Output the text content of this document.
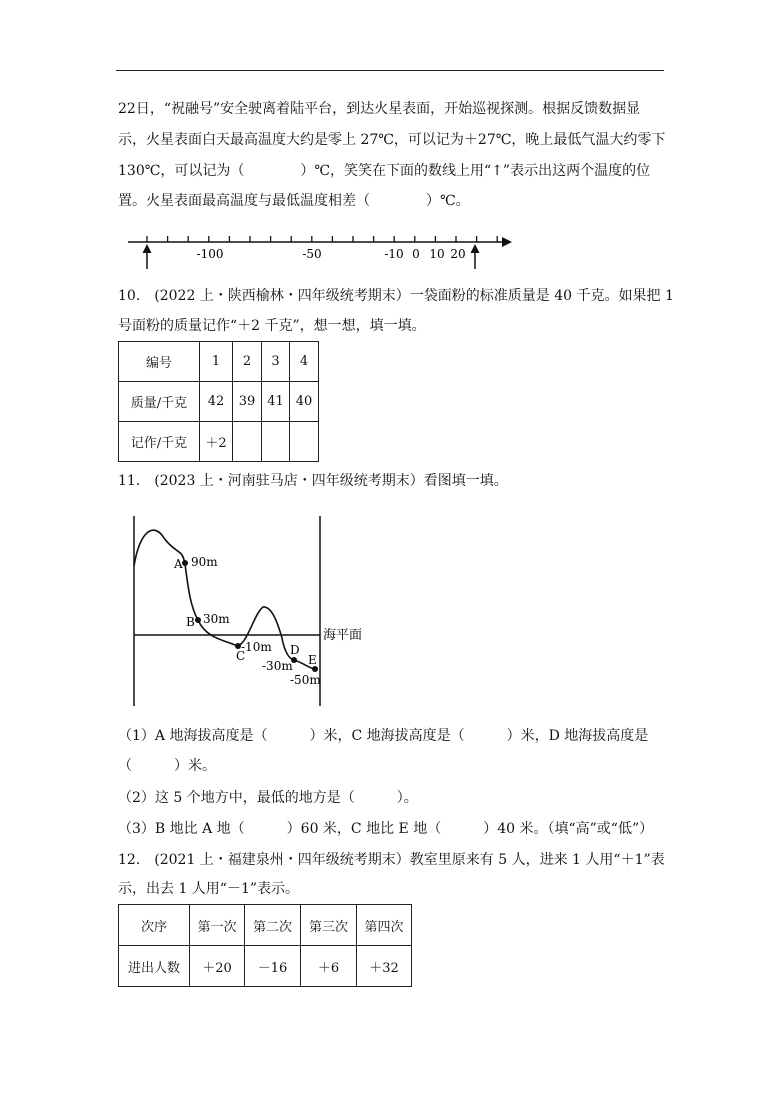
22日，“祝融号”安全驶离着陆平台，到达火星表面，开始巡视探测。根据反馈数据显
示，火星表面白天最高温度大约是零上 27℃，可以记为＋27℃，晚上最低气温大约零下
130℃，可以记为（　　　　）℃，笑笑在下面的数线上用“↑”表示出这两个温度的位
置。火星表面最高温度与最低温度相差（　　　　）℃。
-100	-50	-10 0 10 20
10.　(2022 上・陕西榆林・四年级统考期末）一袋面粉的标准质量是 40 千克。如果把 1
号面粉的质量记作“＋2 千克”，想一想，填一填。
编号	1	2	3	4
质量/千克	42	39	41	40
记作/千克	＋2			
11.　(2023 上・河南驻马店・四年级统考期末）看图填一填。
A 90m
B 30m
C
-10m D
-30m E
-50m
海平面
（1）A 地海拔高度是（　　　）米，C 地海拔高度是（　　　）米，D 地海拔高度是
（　　　）米。
（2）这 5 个地方中，最低的地方是（　　　）。
（3）B 地比 A 地（　　　）60 米，C 地比 E 地（　　　）40 米。（填“高”或“低”）
12.　(2021 上・福建泉州・四年级统考期末）教室里原来有 5 人，进来 1 人用“＋1”表
示，出去 1 人用“－1”表示。
次序	第一次	第二次	第三次	第四次
进出人数	＋20	－16	＋6	＋32
